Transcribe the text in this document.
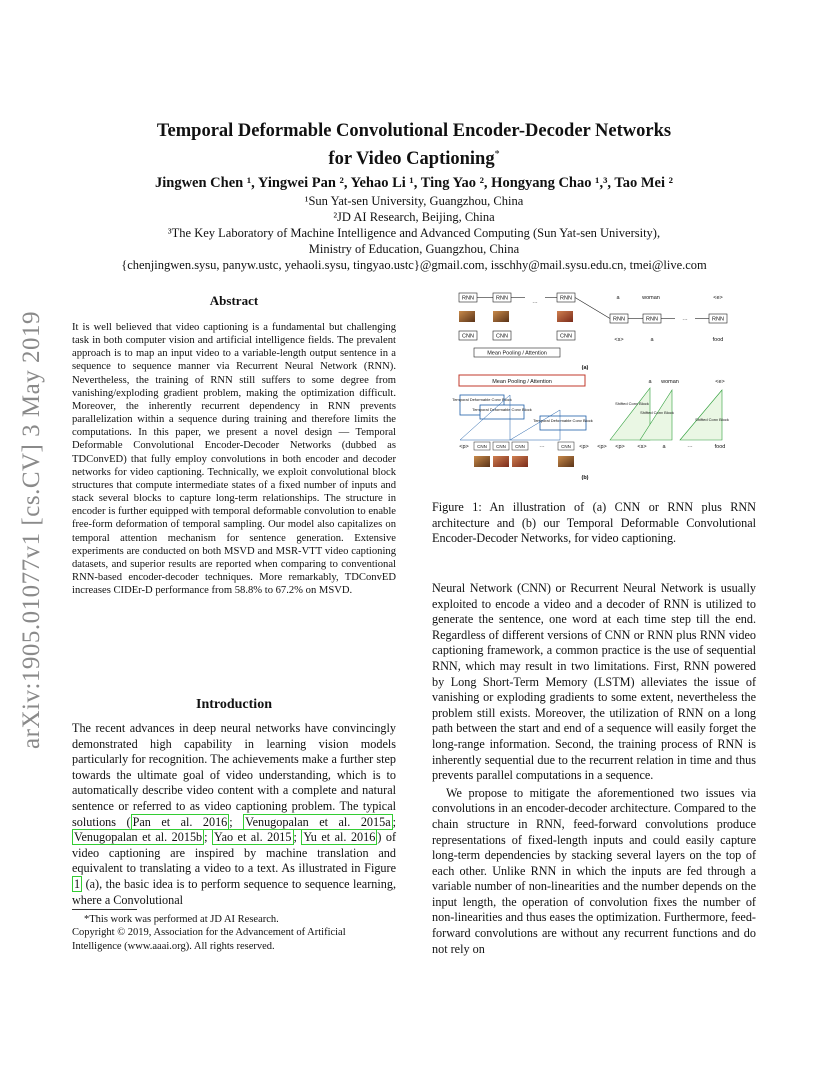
arXiv:1905.01077v1 [cs.CV] 3 May 2019
Temporal Deformable Convolutional Encoder-Decoder Networks
for Video Captioning*
Jingwen Chen ¹, Yingwei Pan ², Yehao Li ¹, Ting Yao ², Hongyang Chao ¹,³, Tao Mei ²
¹Sun Yat-sen University, Guangzhou, China
²JD AI Research, Beijing, China
³The Key Laboratory of Machine Intelligence and Advanced Computing (Sun Yat-sen University),
Ministry of Education, Guangzhou, China
{chenjingwen.sysu, panyw.ustc, yehaoli.sysu, tingyao.ustc}@gmail.com, isschhy@mail.sysu.edu.cn, tmei@live.com
Abstract
It is well believed that video captioning is a fundamental but challenging task in both computer vision and artificial intelligence fields. The prevalent approach is to map an input video to a variable-length output sentence in a sequence to sequence manner via Recurrent Neural Network (RNN). Nevertheless, the training of RNN still suffers to some degree from vanishing/exploding gradient problem, making the optimization difficult. Moreover, the inherently recurrent dependency in RNN prevents parallelization within a sequence during training and therefore limits the computations. In this paper, we present a novel design — Temporal Deformable Convolutional Encoder-Decoder Networks (dubbed as TDConvED) that fully employ convolutions in both encoder and decoder networks for video captioning. Technically, we exploit convolutional block structures that compute intermediate states of a fixed number of inputs and stack several blocks to capture long-term relationships. The structure in encoder is further equipped with temporal deformable convolution to enable free-form deformation of temporal sampling. Our model also capitalizes on temporal attention mechanism for sentence generation. Extensive experiments are conducted on both MSVD and MSR-VTT video captioning datasets, and superior results are reported when comparing to conventional RNN-based encoder-decoder techniques. More remarkably, TDConvED increases CIDEr-D performance from 58.8% to 67.2% on MSVD.
Introduction
The recent advances in deep neural networks have convincingly demonstrated high capability in learning vision models particularly for recognition. The achievements make a further step towards the ultimate goal of video understanding, which is to automatically describe video content with a complete and natural sentence or referred to as video captioning problem. The typical solutions ( Pan et al. 2016 ; Venugopalan et al. 2015a ; Venugopalan et al. 2015b ; Yao et al. 2015 ; Yu et al. 2016 ) of video captioning are inspired by machine translation and equivalent to translating a video to a text. As illustrated in Figure 1 (a), the basic idea is to perform sequence to sequence learning, where a Convolutional
*This work was performed at JD AI Research.
Copyright © 2019, Association for the Advancement of Artificial Intelligence (www.aaai.org). All rights reserved.
RNN	RNN	RNN
···
CNN	CNN	CNN
Mean Pooling / Attention
a	woman	<e>
RNN	RNN	RNN
···
<s>	a	food
(a)
Mean Pooling / Attention
Temporal Deformable Conv Block
Temporal Deformable Conv Block
Temporal Deformable Conv Block
a woman	<e>
Shifted Conv Block
Shifted Conv Block
Shifted Conv Block
<p> CNN CNN CNN	···	CNN <p> <p> <p> <s>	a	···	food
(b)
Figure 1: An illustration of (a) CNN or RNN plus RNN architecture and (b) our Temporal Deformable Convolutional Encoder-Decoder Networks, for video captioning.

Neural Network (CNN) or Recurrent Neural Network is usually exploited to encode a video and a decoder of RNN is utilized to generate the sentence, one word at each time step till the end. Regardless of different versions of CNN or RNN plus RNN video captioning framework, a common practice is the use of sequential RNN, which may result in two limitations. First, RNN powered by Long Short-Term Memory (LSTM) alleviates the issue of vanishing or exploding gradients to some extent, nevertheless the problem still exists. Moreover, the utilization of RNN on a long path between the start and end of a sequence will easily forget the long-range information. Second, the training process of RNN is inherently sequential due to the recurrent relation in time and thus prevents parallel computations in a sequence.

We propose to mitigate the aforementioned two issues via convolutions in an encoder-decoder architecture. Compared to the chain structure in RNN, feed-forward convolutions produce representations of fixed-length inputs and could easily capture long-term dependencies by stacking several layers on the top of each other. Unlike RNN in which the inputs are fed through a variable number of non-linearities and the number depends on the input length, the operation of convolution fixes the number of non-linearities and thus eases the optimization. Furthermore, feed-forward convolutions are without any recurrent functions and do not rely on
